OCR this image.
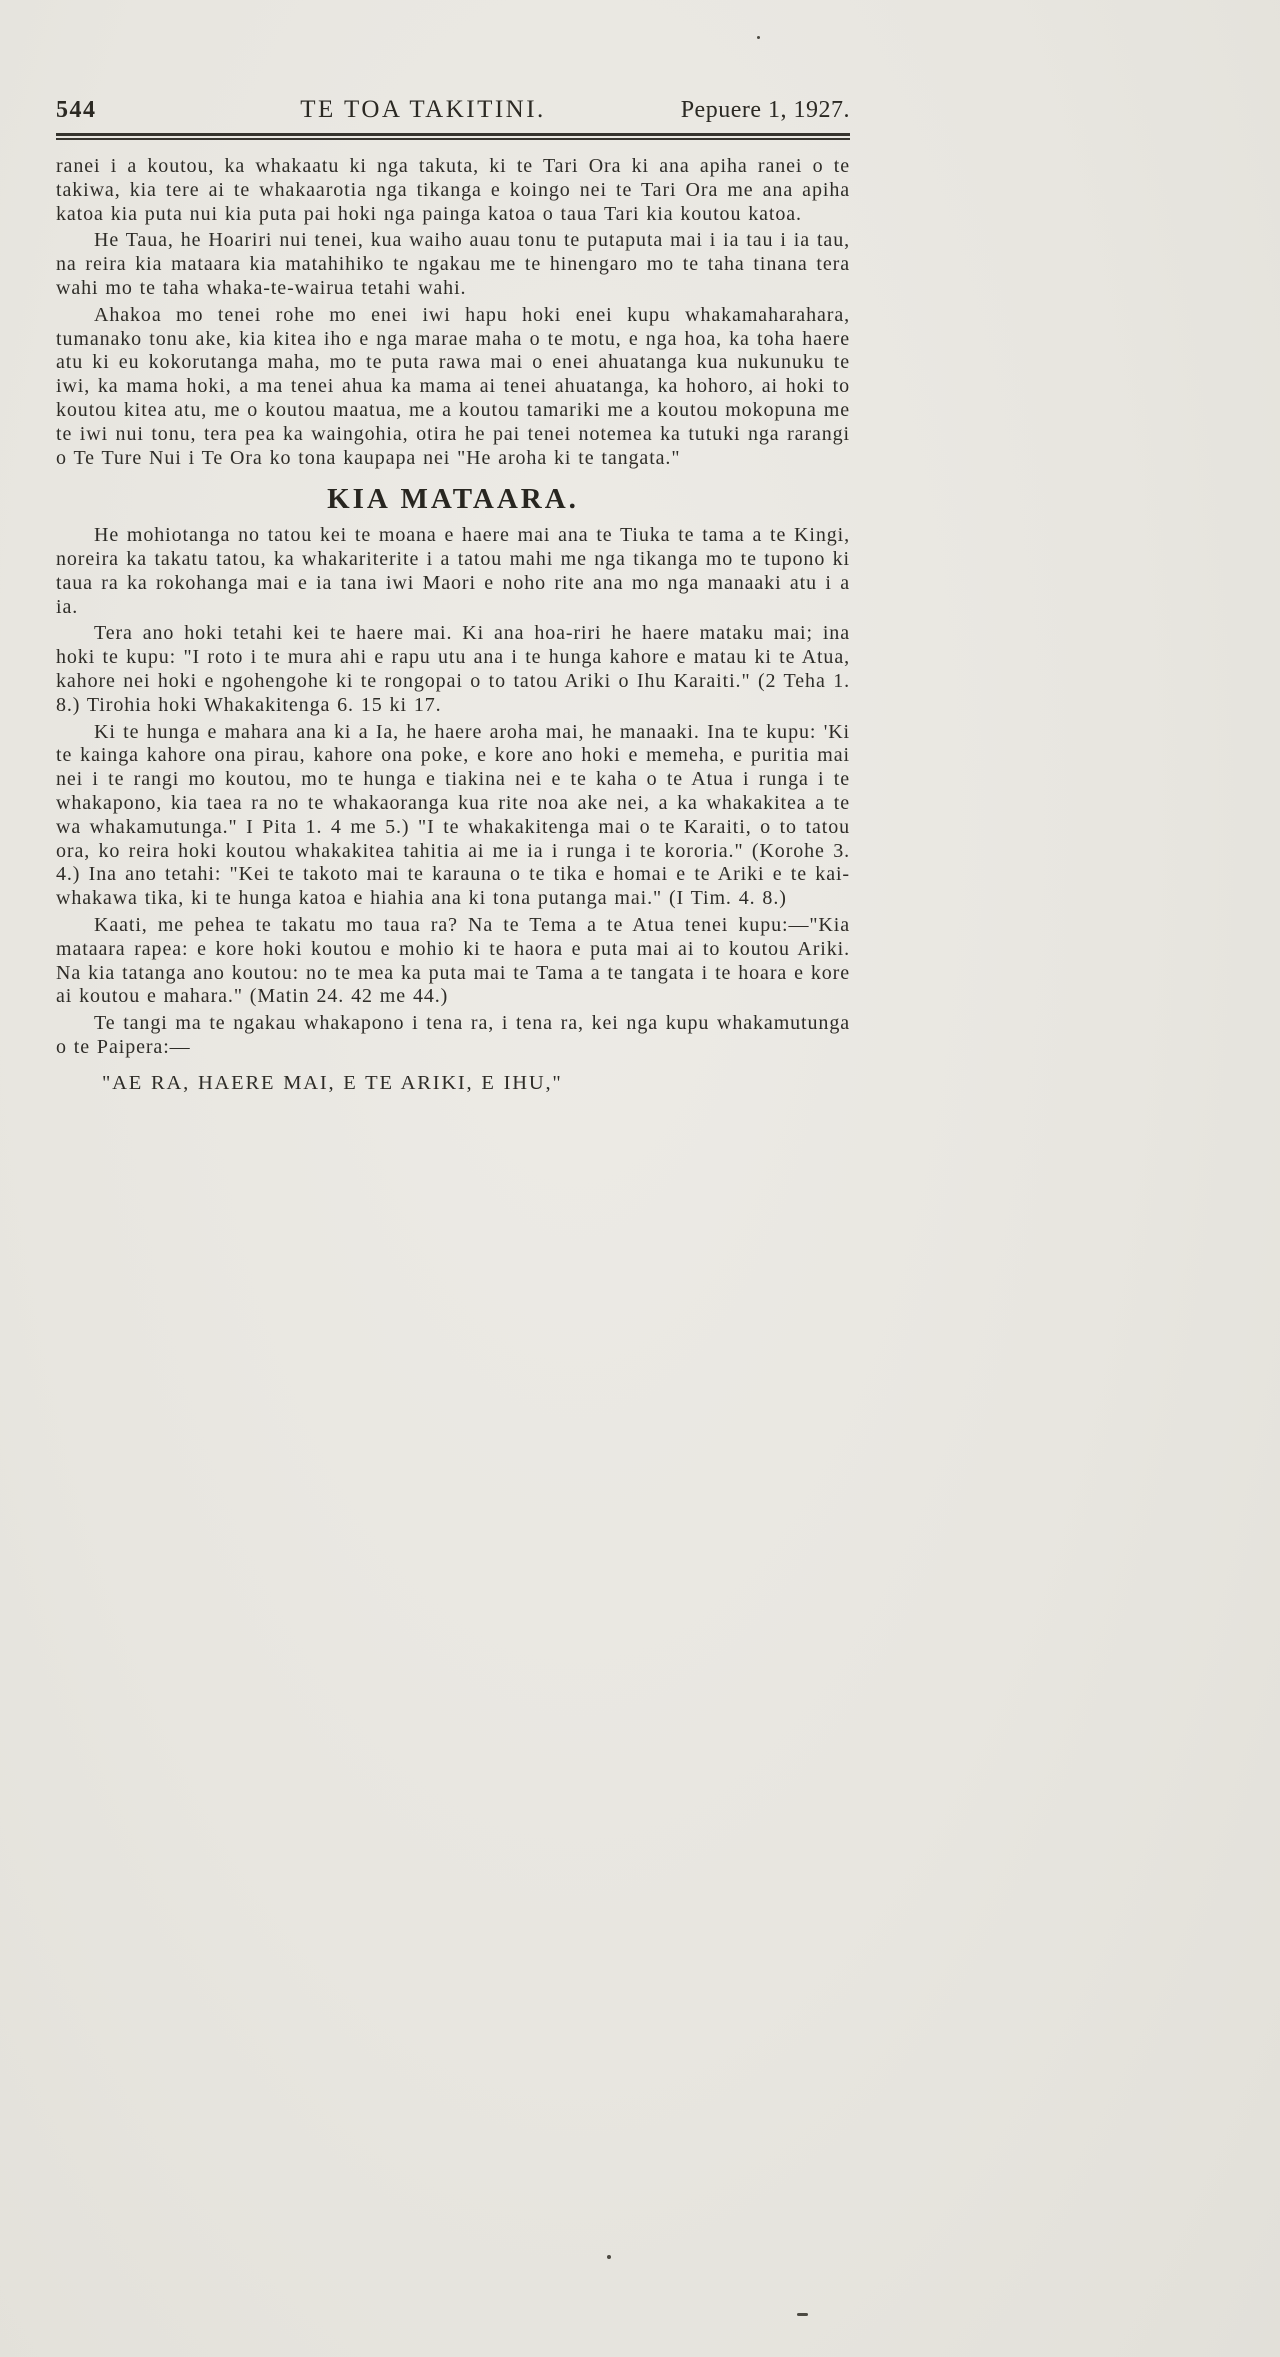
544	TE TOA TAKITINI.	Pepuere 1, 1927.

ranei i a koutou, ka whakaatu ki nga takuta, ki te Tari Ora ki ana apiha ranei o te takiwa, kia tere ai te whakaarotia nga tikanga e koingo nei te Tari Ora me ana apiha katoa kia puta nui kia puta pai hoki nga painga katoa o taua Tari kia koutou katoa.

He Taua, he Hoariri nui tenei, kua waiho auau tonu te putaputa mai i ia tau i ia tau, na reira kia mataara kia matahihiko te ngakau me te hinengaro mo te taha tinana tera wahi mo te taha whaka-te-wairua tetahi wahi.

Ahakoa mo tenei rohe mo enei iwi hapu hoki enei kupu whakamaharahara, tumanako tonu ake, kia kitea iho e nga marae maha o te motu, e nga hoa, ka toha haere atu ki eu kokorutanga maha, mo te puta rawa mai o enei ahuatanga kua nukunuku te iwi, ka mama hoki, a ma tenei ahua ka mama ai tenei ahuatanga, ka hohoro, ai hoki to koutou kitea atu, me o koutou maatua, me a koutou tamariki me a koutou mokopuna me te iwi nui tonu, tera pea ka waingohia, otira he pai tenei notemea ka tutuki nga rarangi o Te Ture Nui i Te Ora ko tona kaupapa nei "He aroha ki te tangata."

KIA MATAARA.

He mohiotanga no tatou kei te moana e haere mai ana te Tiuka te tama a te Kingi, noreira ka takatu tatou, ka whakariterite i a tatou mahi me nga tikanga mo te tupono ki taua ra ka rokohanga mai e ia tana iwi Maori e noho rite ana mo nga manaaki atu i a ia.

Tera ano hoki tetahi kei te haere mai. Ki ana hoa-riri he haere mataku mai; ina hoki te kupu: "I roto i te mura ahi e rapu utu ana i te hunga kahore e matau ki te Atua, kahore nei hoki e ngohengohe ki te rongopai o to tatou Ariki o Ihu Karaiti." (2 Teha 1. 8.) Tirohia hoki Whakakitenga 6. 15 ki 17.

Ki te hunga e mahara ana ki a Ia, he haere aroha mai, he manaaki. Ina te kupu: 'Ki te kainga kahore ona pirau, kahore ona poke, e kore ano hoki e memeha, e puritia mai nei i te rangi mo koutou, mo te hunga e tiakina nei e te kaha o te Atua i runga i te whakapono, kia taea ra no te whakaoranga kua rite noa ake nei, a ka whakakitea a te wa whakamutunga." I Pita 1. 4 me 5.) "I te whakakitenga mai o te Karaiti, o to tatou ora, ko reira hoki koutou whakakitea tahitia ai me ia i runga i te kororia." (Korohe 3. 4.) Ina ano tetahi: "Kei te takoto mai te karauna o te tika e homai e te Ariki e te kai-whakawa tika, ki te hunga katoa e hiahia ana ki tona putanga mai." (I Tim. 4. 8.)

Kaati, me pehea te takatu mo taua ra? Na te Tema a te Atua tenei kupu:—"Kia mataara rapea: e kore hoki koutou e mohio ki te haora e puta mai ai to koutou Ariki. Na kia tatanga ano koutou: no te mea ka puta mai te Tama a te tangata i te hoara e kore ai koutou e mahara." (Matin 24. 42 me 44.)

Te tangi ma te ngakau whakapono i tena ra, i tena ra, kei nga kupu whakamutunga o te Paipera:—

"AE RA, HAERE MAI, E TE ARIKI, E IHU,"
